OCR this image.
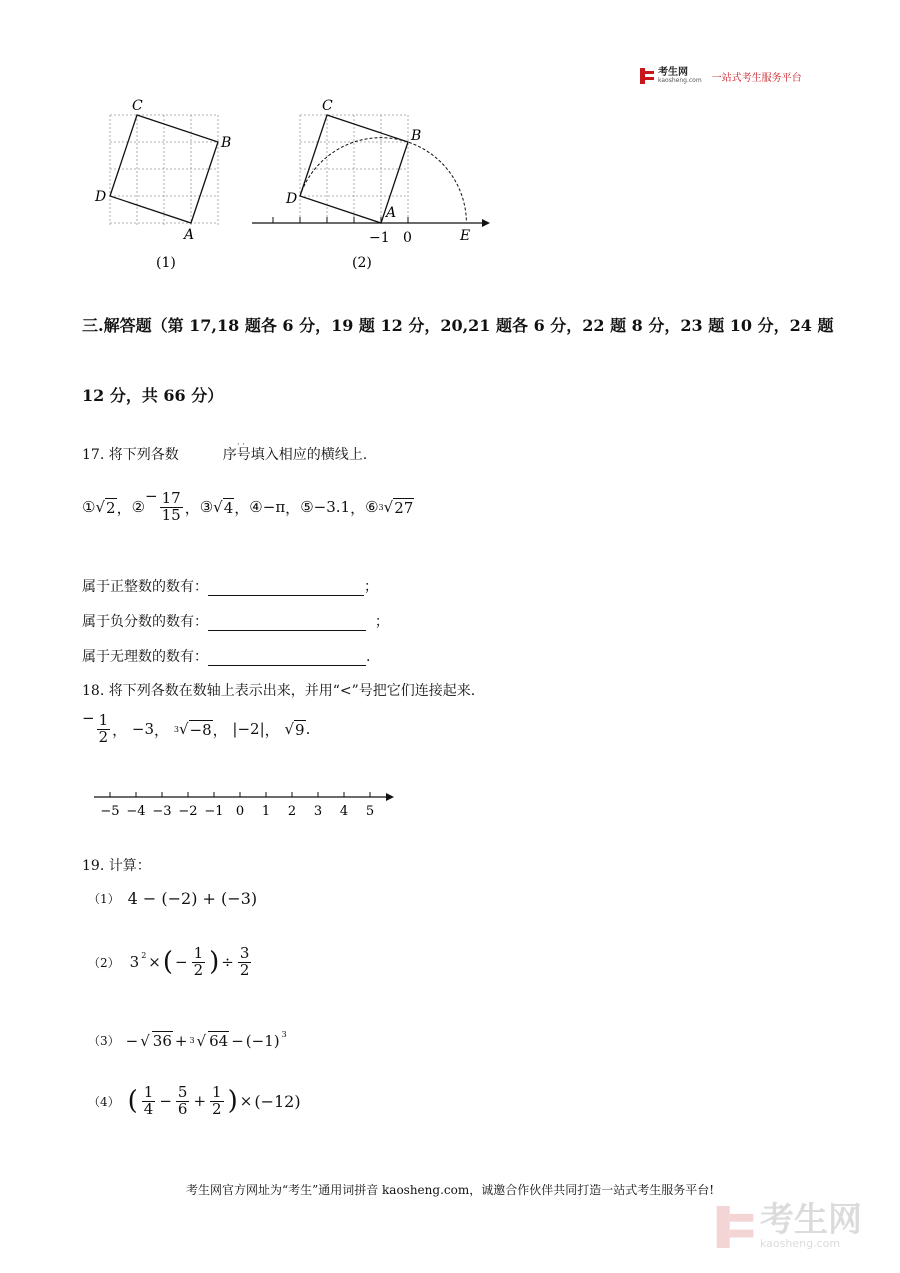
考生网
kaosheng.com 一站式考生服务平台
C
B
D
A
(1)
C
B
D
A
E
−1 0
(2)
三.解答题（第 17,18 题各 6 分，19 题 12 分，20,21 题各 6 分，22 题 8 分，23 题 10 分，24 题
12 分，共 66 分）
17. 将下列各数	序号填入相应的横线上.
· ·
① √ 2 ， ②
− $\frac{17}{15}$ ， ③ √ 4 ， ④−π ， ⑤−3.1 ， ⑥ 3 √ 27
属于正整数的数有：	；
属于负分数的数有：	；
属于无理数的数有：	.
18. 将下列各数在数轴上表示出来，并用“<”号把它们连接起来.
− $\frac{1}{2}$ ，
−3 ，
3 √ −8 ，
|−2| ，
√ 9 .
−5 −4 −3 −2 −1 0 1 2 3 4 5
19. 计算：
（1） 4 − (−2) + (−3)
（2） 3 $^2$ × ( − $\frac{1}{2}$ ) ÷ $\frac{3}{2}$
（3） − √ 36 + 3 √ 64 − (−1) $^3$
（4） ( $\frac{1}{4} - \frac{5}{6} + \frac{1}{2}$ ) × (−12)
考生网官方网址为“考生”通用词拼音 kaosheng.com，诚邀合作伙伴共同打造一站式考生服务平台!
考生网
kaosheng.com
